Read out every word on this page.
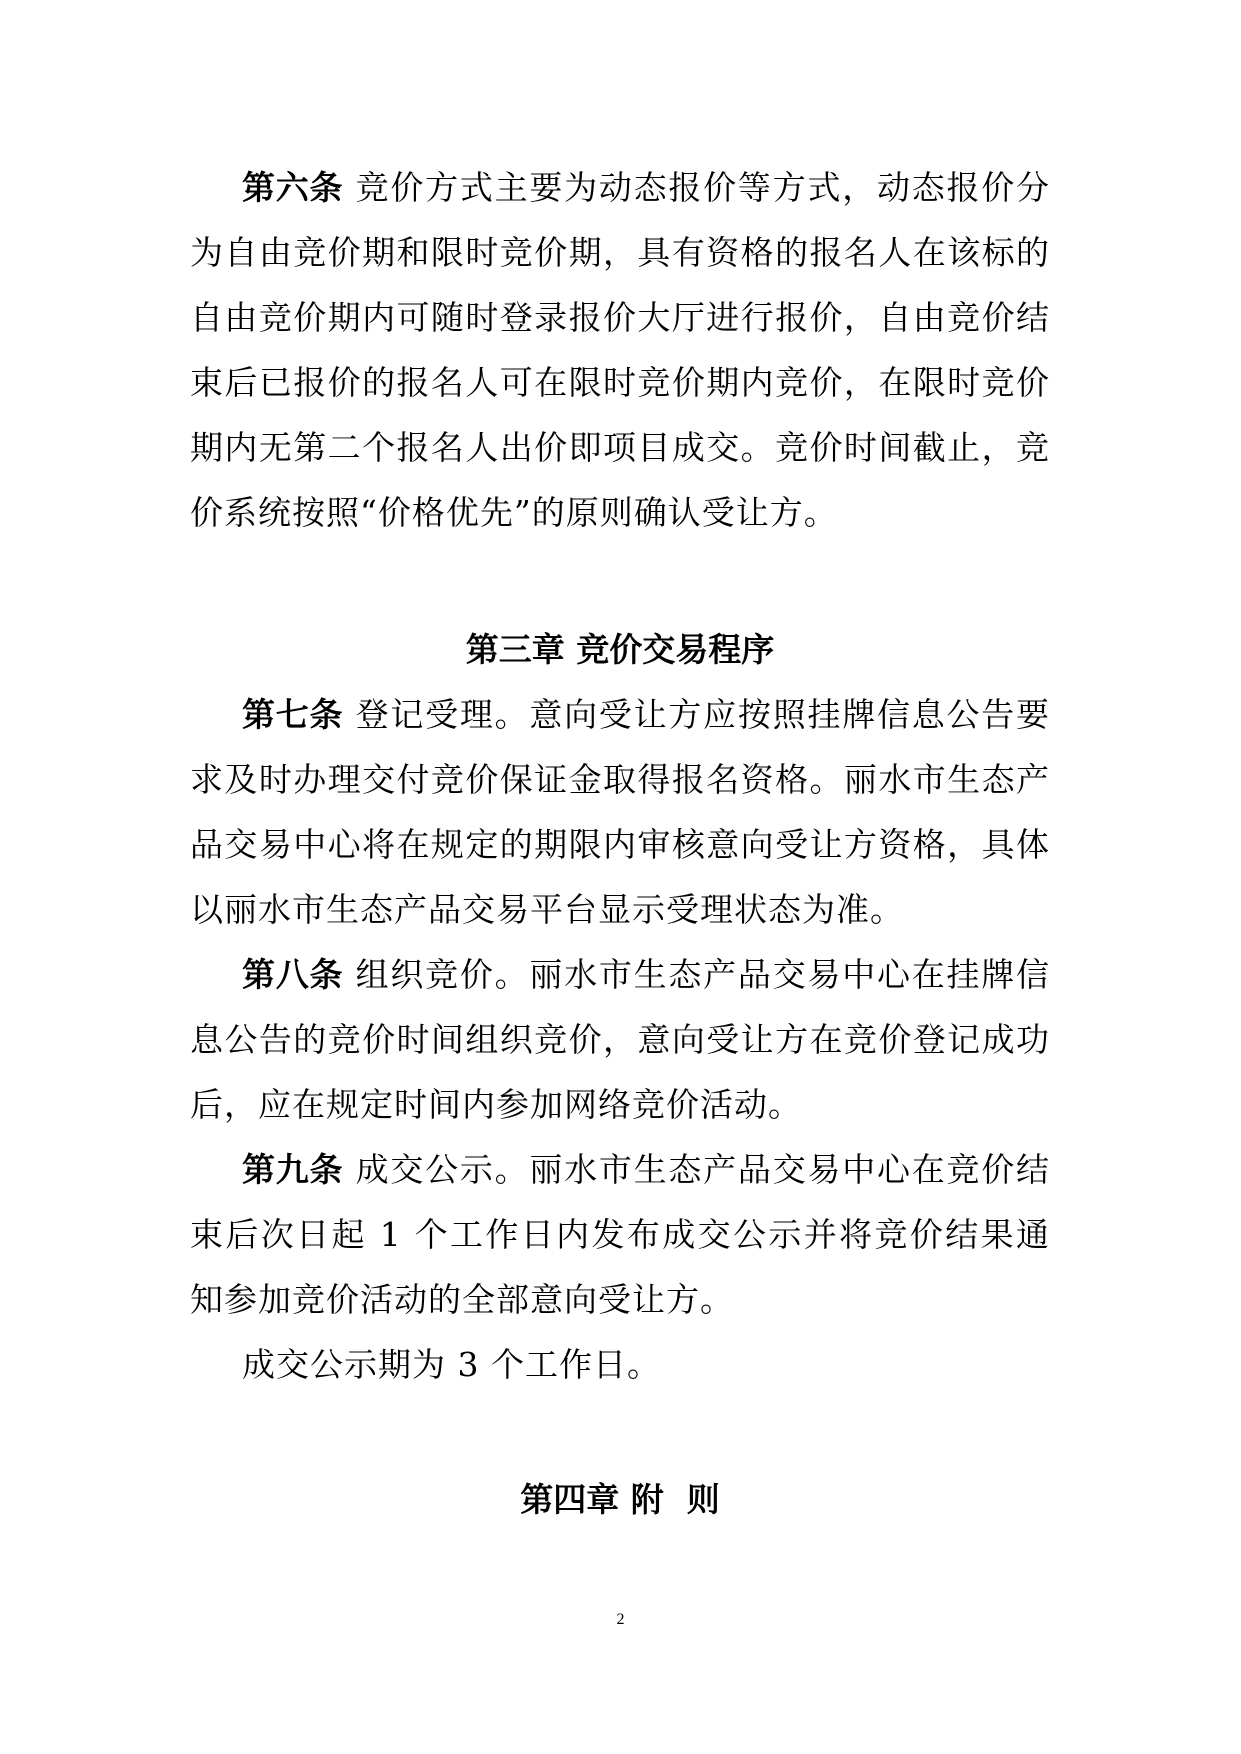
第六条 竞价方式主要为动态报价等方式，动态报价分为自由竞价期和限时竞价期，具有资格的报名人在该标的自由竞价期内可随时登录报价大厅进行报价，自由竞价结束后已报价的报名人可在限时竞价期内竞价，在限时竞价期内无第二个报名人出价即项目成交。竞价时间截止，竞价系统按照“价格优先”的原则确认受让方。

第三章 竞价交易程序

第七条 登记受理。意向受让方应按照挂牌信息公告要求及时办理交付竞价保证金取得报名资格。丽水市生态产品交易中心将在规定的期限内审核意向受让方资格，具体以丽水市生态产品交易平台显示受理状态为准。

第八条 组织竞价。丽水市生态产品交易中心在挂牌信息公告的竞价时间组织竞价，意向受让方在竞价登记成功后，应在规定时间内参加网络竞价活动。

第九条 成交公示。丽水市生态产品交易中心在竞价结束后次日起 1 个工作日内发布成交公示并将竞价结果通知参加竞价活动的全部意向受让方。

成交公示期为 3 个工作日。

第四章 附  则

2
